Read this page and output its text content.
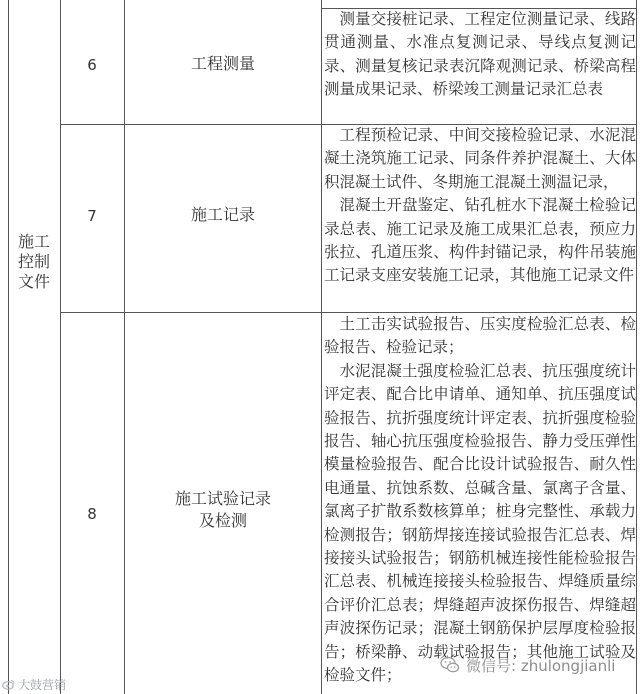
施工
控制
文件
6	工程测量

测量交接桩记录、工程定位测量记录、线路贯通测量、水准点复测记录、导线点复测记录、测量复核记录表沉降观测记录、桥梁高程测量成果记录、桥梁竣工测量记录汇总表

7	施工记录

工程预检记录、中间交接检验记录、水泥混凝土浇筑施工记录、同条件养护混凝土、大体积混凝土试件、冬期施工混凝土测温记录，

混凝土开盘鉴定、钻孔桩水下混凝土检验记录总表、施工记录及施工成果汇总表，预应力张拉、孔道压浆、构件封锚记录，构件吊装施工记录支座安装施工记录，其他施工记录文件

8
施工试验记录
及检测

土工击实试验报告、压实度检验汇总表、检验报告、检验记录；

水泥混凝土强度检验汇总表、抗压强度统计评定表、配合比申请单、通知单、抗压强度试验报告、抗折强度统计评定表、抗折强度检验报告、轴心抗压强度检验报告、静力受压弹性模量检验报告、配合比设计试验报告、耐久性电通量、抗蚀系数、总碱含量、氯离子含量、氯离子扩散系数核算单；桩身完整性、承载力检测报告；钢筋焊接连接试验报告汇总表、焊接接头试验报告；钢筋机械连接性能检验报告汇总表、机械连接接头检验报告、焊缝质量综合评价汇总表；焊缝超声波探伤报告、焊缝超声波探伤记录；混凝土钢筋保护层厚度检验报告；桥梁静、动载试验报告；其他施工试验及检验文件；

大鼓营销
微信号: zhulongjianli
